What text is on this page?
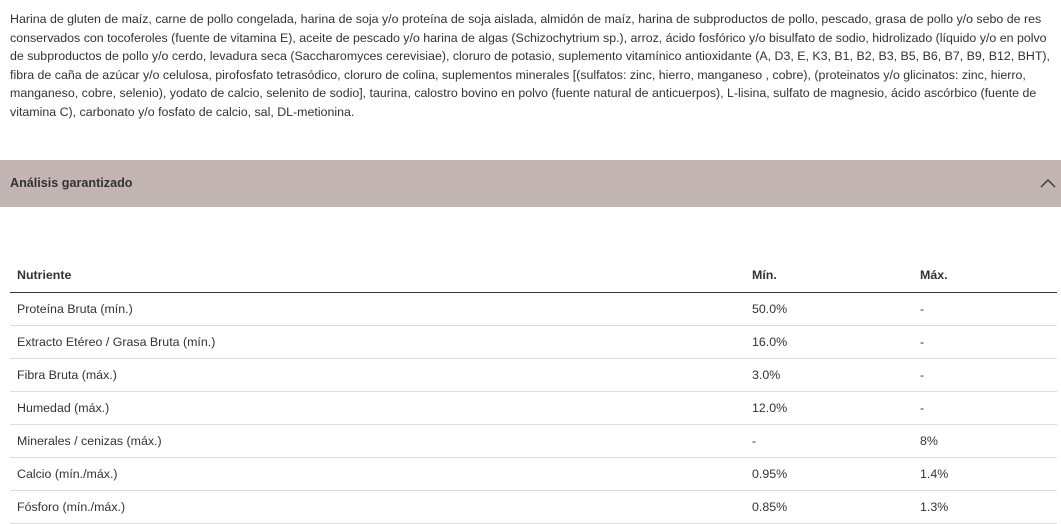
Harina de gluten de maíz, carne de pollo congelada, harina de soja y/o proteína de soja aislada, almidón de maíz, harina de subproductos de pollo, pescado, grasa de pollo y/o sebo de res conservados con tocoferoles (fuente de vitamina E), aceite de pescado y/o harina de algas (Schizochytrium sp.), arroz, ácido fosfórico y/o bisulfato de sodio, hidrolizado (líquido y/o en polvo de subproductos de pollo y/o cerdo, levadura seca (Saccharomyces cerevisiae), cloruro de potasio, suplemento vitamínico antioxidante (A, D3, E, K3, B1, B2, B3, B5, B6, B7, B9, B12, BHT), fibra de caña de azúcar y/o celulosa, pirofosfato tetrasódico, cloruro de colina, suplementos minerales [(sulfatos: zinc, hierro, manganeso , cobre), (proteinatos y/o glicinatos: zinc, hierro, manganeso, cobre, selenio), yodato de calcio, selenito de sodio], taurina, calostro bovino en polvo (fuente natural de anticuerpos), L-lisina, sulfato de magnesio, ácido ascórbico (fuente de vitamina C), carbonato y/o fosfato de calcio, sal, DL-metionina.

Análisis garantizado
Nutriente	Mín.	Máx.
Proteína Bruta (mín.)	50.0%	-
Extracto Etéreo / Grasa Bruta (mín.)	16.0%	-
Fibra Bruta (máx.)	3.0%	-
Humedad (máx.)	12.0%	-
Minerales / cenizas (máx.)	-	8%
Calcio (mín./máx.)	0.95%	1.4%
Fósforo (mín./máx.)	0.85%	1.3%
